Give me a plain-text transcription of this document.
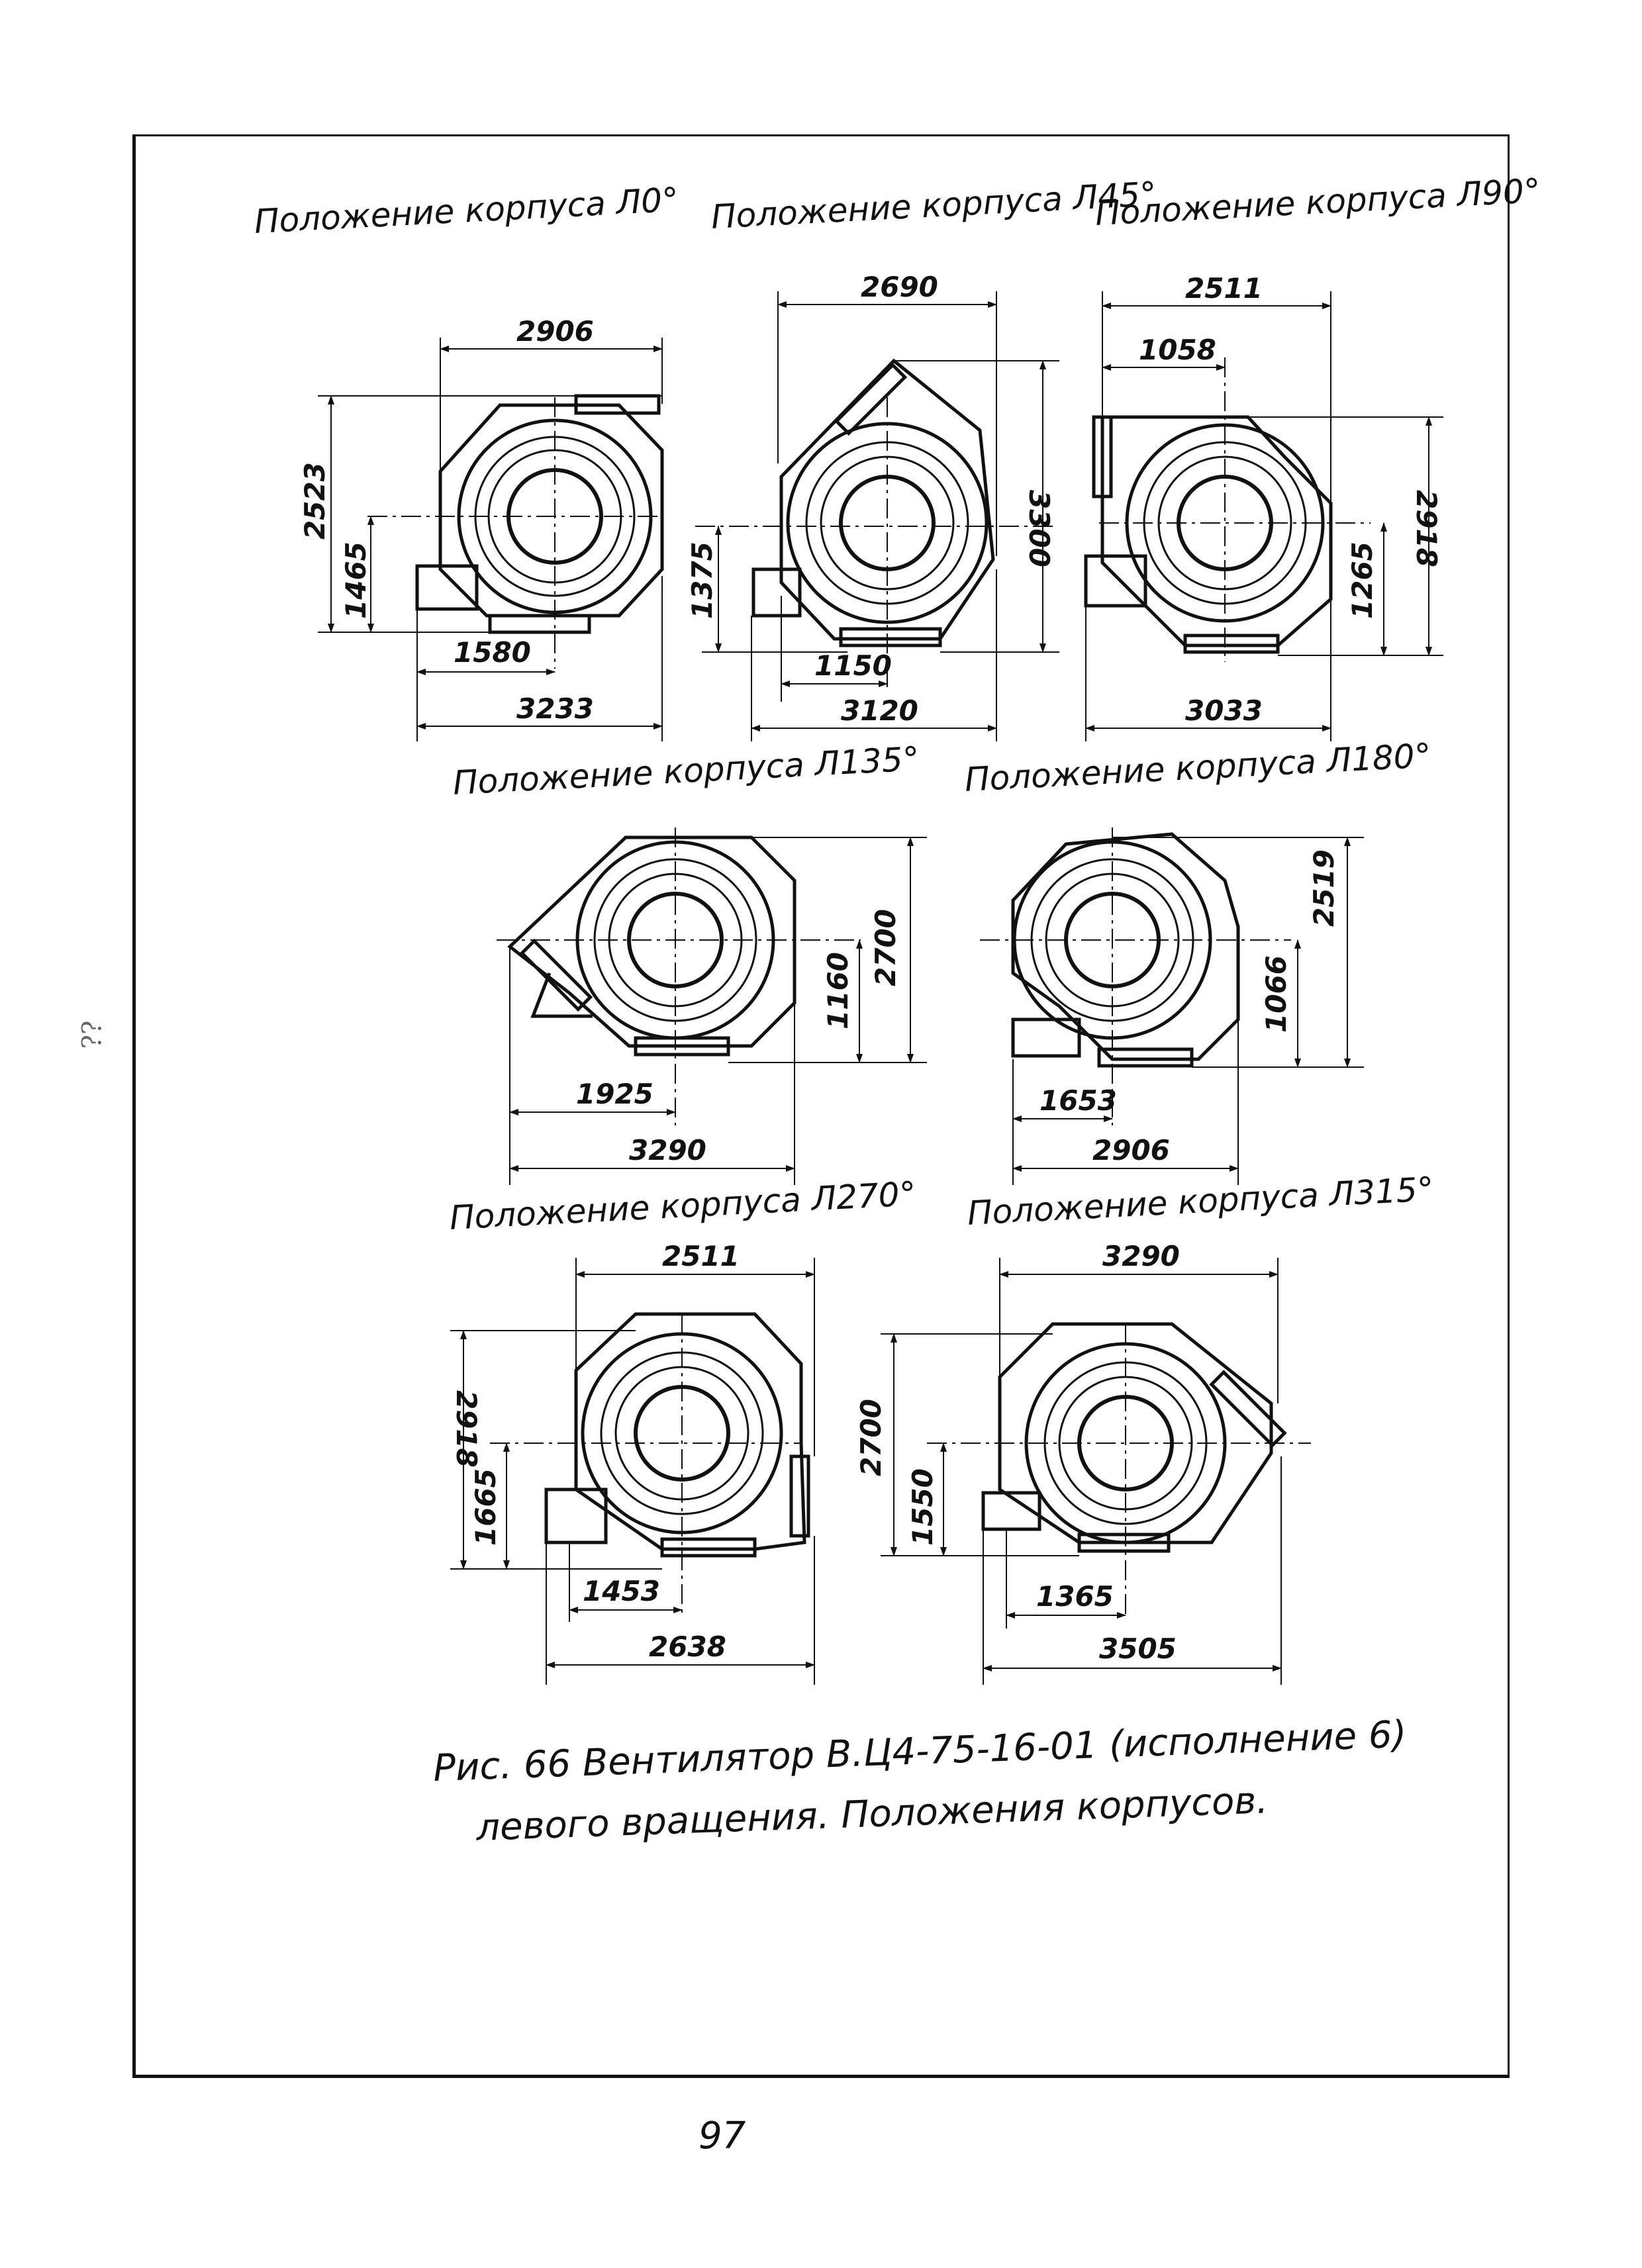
??
Положение корпуса Л0° Положение корпуса Л45°
Положение корпуса Л90°
Положение корпуса Л135° Положение корпуса Л180°
Положение корпуса Л270° Положение корпуса Л315°
2906
2523
1465
1580
3233
2690
3300
1375
1150
3120
2511
1058
2918
1265
3033
2700
1160
1925
3290
2519
1066
1653
2906
2511
2918
1665
1453
2638
3290
2700
1550
1365
3505
Рис. 66 Вентилятор В.Ц4-75-16-01 (исполнение 6)
левого вращения. Положения корпусов.
97
